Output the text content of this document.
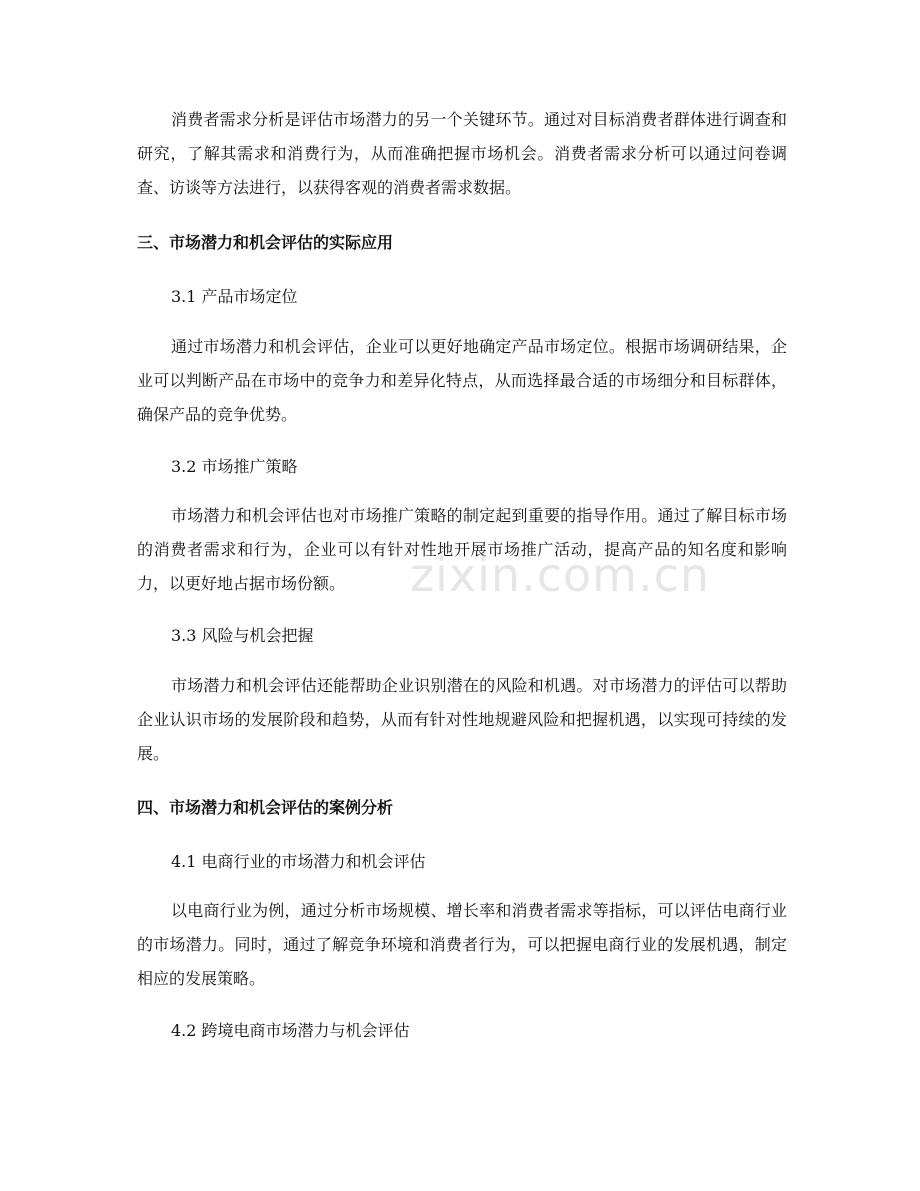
消费者需求分析是评估市场潜力的另一个关键环节。通过对目标消费者群体进行调查和研究，了解其需求和消费行为，从而准确把握市场机会。消费者需求分析可以通过问卷调查、访谈等方法进行，以获得客观的消费者需求数据。

三、市场潜力和机会评估的实际应用

3.1 产品市场定位

通过市场潜力和机会评估，企业可以更好地确定产品市场定位。根据市场调研结果，企业可以判断产品在市场中的竞争力和差异化特点，从而选择最合适的市场细分和目标群体，确保产品的竞争优势。

3.2 市场推广策略

市场潜力和机会评估也对市场推广策略的制定起到重要的指导作用。通过了解目标市场的消费者需求和行为，企业可以有针对性地开展市场推广活动，提高产品的知名度和影响力，以更好地占据市场份额。

3.3 风险与机会把握

市场潜力和机会评估还能帮助企业识别潜在的风险和机遇。对市场潜力的评估可以帮助企业认识市场的发展阶段和趋势，从而有针对性地规避风险和把握机遇，以实现可持续的发展。

四、市场潜力和机会评估的案例分析

4.1 电商行业的市场潜力和机会评估

以电商行业为例，通过分析市场规模、增长率和消费者需求等指标，可以评估电商行业的市场潜力。同时，通过了解竞争环境和消费者行为，可以把握电商行业的发展机遇，制定相应的发展策略。

4.2 跨境电商市场潜力与机会评估

zixin.com.cn
